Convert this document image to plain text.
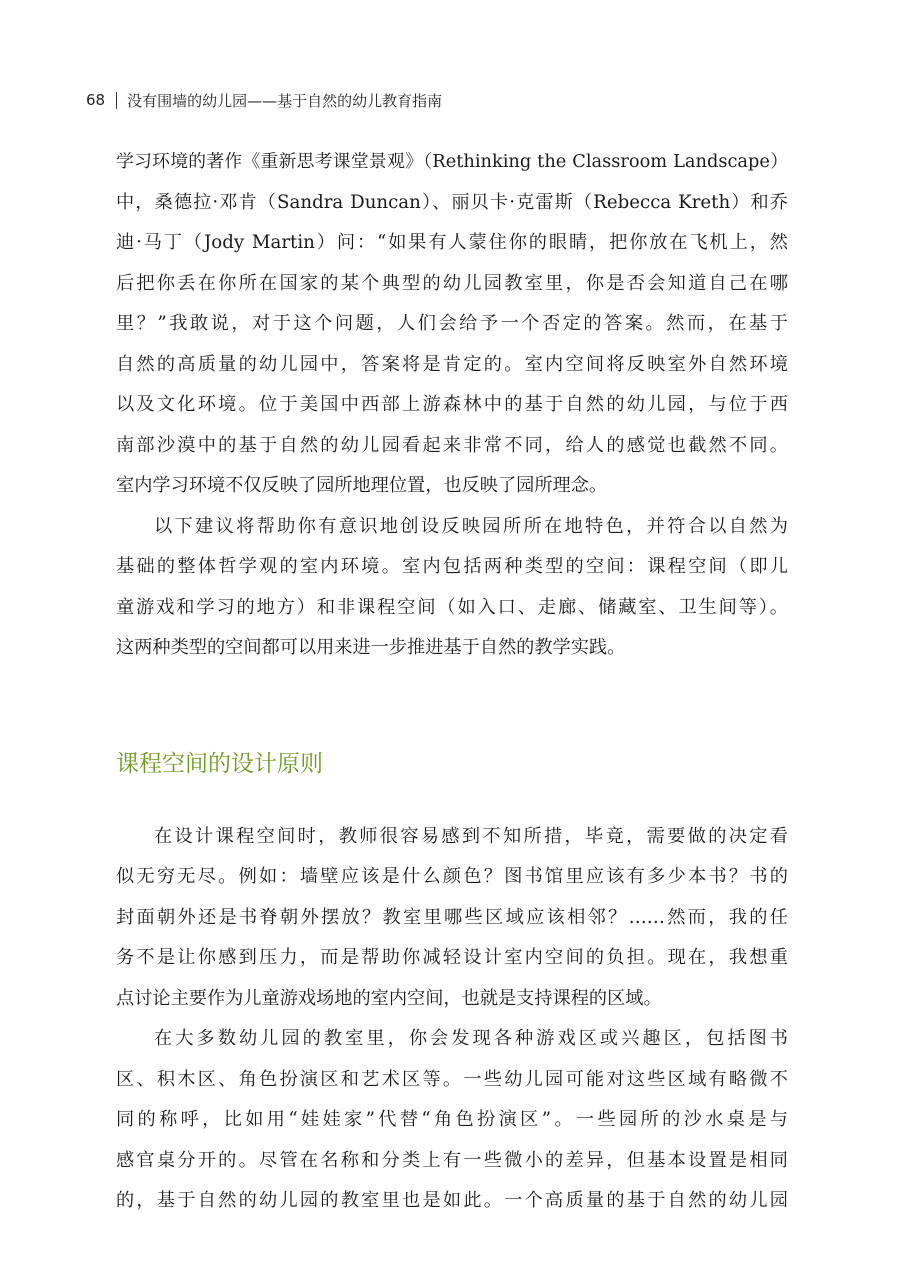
68 没有围墙的幼儿园——基于自然的幼儿教育指南
学习环境的著作《重新思考课堂景观》（Rethinking the Classroom Landscape）
中，桑德拉·邓肯（Sandra Duncan）、丽贝卡·克雷斯（Rebecca Kreth）和乔
迪·马丁（Jody Martin）问：“如果有人蒙住你的眼睛，把你放在飞机上，然
后把你丢在你所在国家的某个典型的幼儿园教室里，你是否会知道自己在哪
里？”我敢说，对于这个问题，人们会给予一个否定的答案。然而，在基于
自然的高质量的幼儿园中，答案将是肯定的。室内空间将反映室外自然环境
以及文化环境。位于美国中西部上游森林中的基于自然的幼儿园，与位于西
南部沙漠中的基于自然的幼儿园看起来非常不同，给人的感觉也截然不同。
室内学习环境不仅反映了园所地理位置，也反映了园所理念。
以下建议将帮助你有意识地创设反映园所所在地特色，并符合以自然为
基础的整体哲学观的室内环境。室内包括两种类型的空间：课程空间（即儿
童游戏和学习的地方）和非课程空间（如入口、走廊、储藏室、卫生间等）。
这两种类型的空间都可以用来进一步推进基于自然的教学实践。
课程空间的设计原则
在设计课程空间时，教师很容易感到不知所措，毕竟，需要做的决定看
似无穷无尽。例如：墙壁应该是什么颜色？图书馆里应该有多少本书？书的
封面朝外还是书脊朝外摆放？教室里哪些区域应该相邻？……然而，我的任
务不是让你感到压力，而是帮助你减轻设计室内空间的负担。现在，我想重
点讨论主要作为儿童游戏场地的室内空间，也就是支持课程的区域。
在大多数幼儿园的教室里，你会发现各种游戏区或兴趣区，包括图书
区、积木区、角色扮演区和艺术区等。一些幼儿园可能对这些区域有略微不
同的称呼，比如用“娃娃家”代替“角色扮演区”。一些园所的沙水桌是与
感官桌分开的。尽管在名称和分类上有一些微小的差异，但基本设置是相同
的，基于自然的幼儿园的教室里也是如此。一个高质量的基于自然的幼儿园
